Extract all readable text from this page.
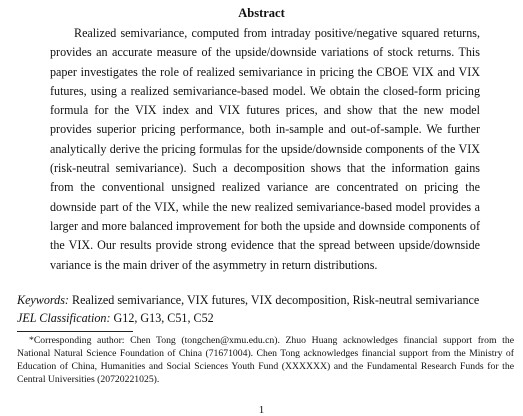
Abstract

Realized semivariance, computed from intraday positive/negative squared returns, provides an accurate measure of the upside/downside variations of stock returns. This paper investigates the role of realized semivariance in pricing the CBOE VIX and VIX futures, using a realized semivariance-based model. We obtain the closed-form pricing formula for the VIX index and VIX futures prices, and show that the new model provides superior pricing performance, both in-sample and out-of-sample. We further analytically derive the pricing formulas for the upside/downside components of the VIX (risk-neutral semivariance). Such a decomposition shows that the information gains from the conventional unsigned realized variance are concentrated on pricing the downside part of the VIX, while the new realized semivariance-based model provides a larger and more balanced improvement for both the upside and downside components of the VIX. Our results provide strong evidence that the spread between upside/downside variance is the main driver of the asymmetry in return distributions.

Keywords: Realized semivariance, VIX futures, VIX decomposition, Risk-neutral semivariance

JEL Classification: G12, G13, C51, C52

*Corresponding author: Chen Tong (tongchen@xmu.edu.cn). Zhuo Huang acknowledges financial support from the National Natural Science Foundation of China (71671004). Chen Tong acknowledges financial support from the Ministry of Education of China, Humanities and Social Sciences Youth Fund (XXXXXX) and the Fundamental Research Funds for the Central Universities (20720221025).

1
